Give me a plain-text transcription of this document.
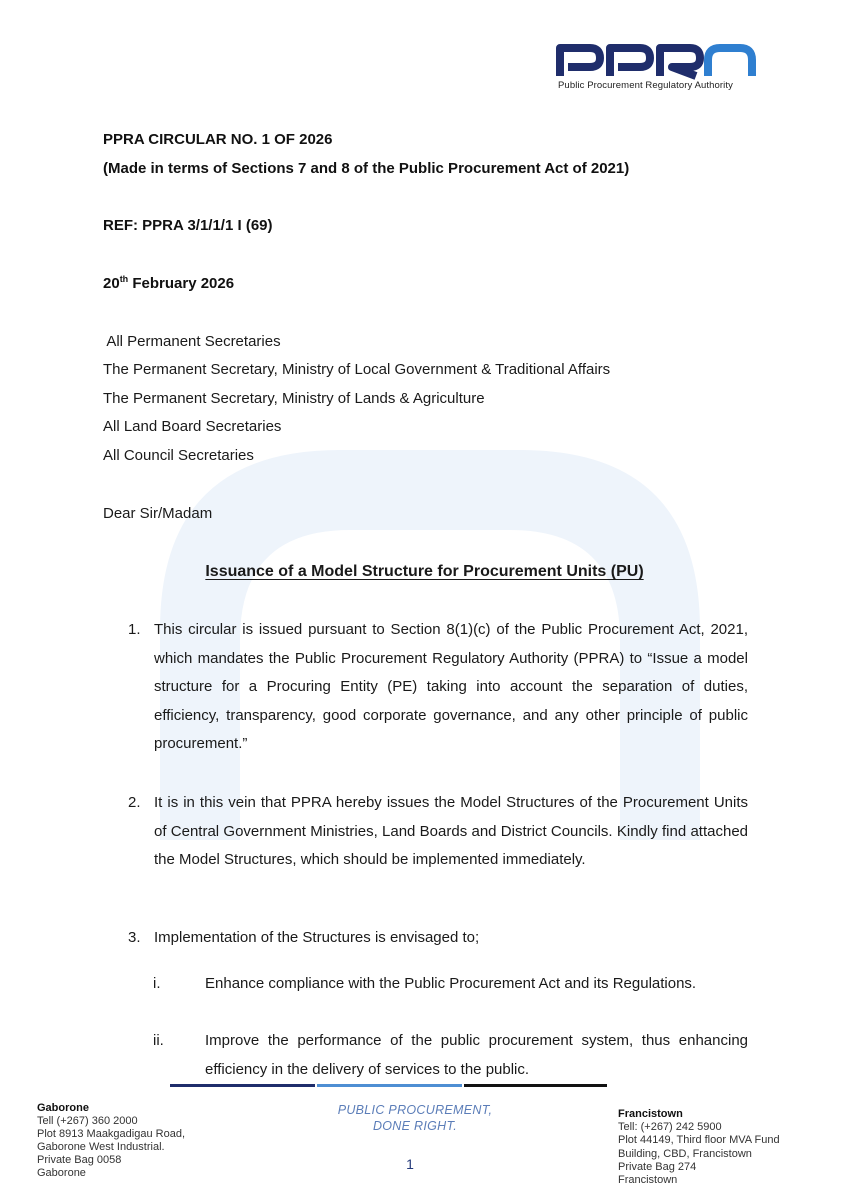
Public Procurement Regulatory Authority
PPRA CIRCULAR NO. 1 OF 2026
(Made in terms of Sections 7 and 8 of the Public Procurement Act of 2021)
REF: PPRA 3/1/1/1 I (69)
20th February 2026
All Permanent Secretaries
The Permanent Secretary, Ministry of Local Government & Traditional Affairs
The Permanent Secretary, Ministry of Lands & Agriculture
All Land Board Secretaries
All Council Secretaries
Dear Sir/Madam
Issuance of a Model Structure for Procurement Units (PU)
1. This circular is issued pursuant to Section 8(1)(c) of the Public Procurement Act, 2021, which mandates the Public Procurement Regulatory Authority (PPRA) to “Issue a model structure for a Procuring Entity (PE) taking into account the separation of duties, efficiency, transparency, good corporate governance, and any other principle of public procurement.”
2. It is in this vein that PPRA hereby issues the Model Structures of the Procurement Units of Central Government Ministries, Land Boards and District Councils. Kindly find attached the Model Structures, which should be implemented immediately.
3. Implementation of the Structures is envisaged to;
i.	Enhance compliance with the Public Procurement Act and its Regulations.
ii.	Improve the performance of the public procurement system, thus enhancing efficiency in the delivery of services to the public.
Gaborone
Tell (+267) 360 2000
Plot 8913 Maakgadigau Road,
Gaborone West Industrial.
Private Bag 0058
Gaborone
PUBLIC PROCUREMENT,
DONE RIGHT.
1
Francistown
Tell: (+267) 242 5900
Plot 44149, Third floor MVA Fund
Building, CBD, Francistown
Private Bag 274
Francistown
